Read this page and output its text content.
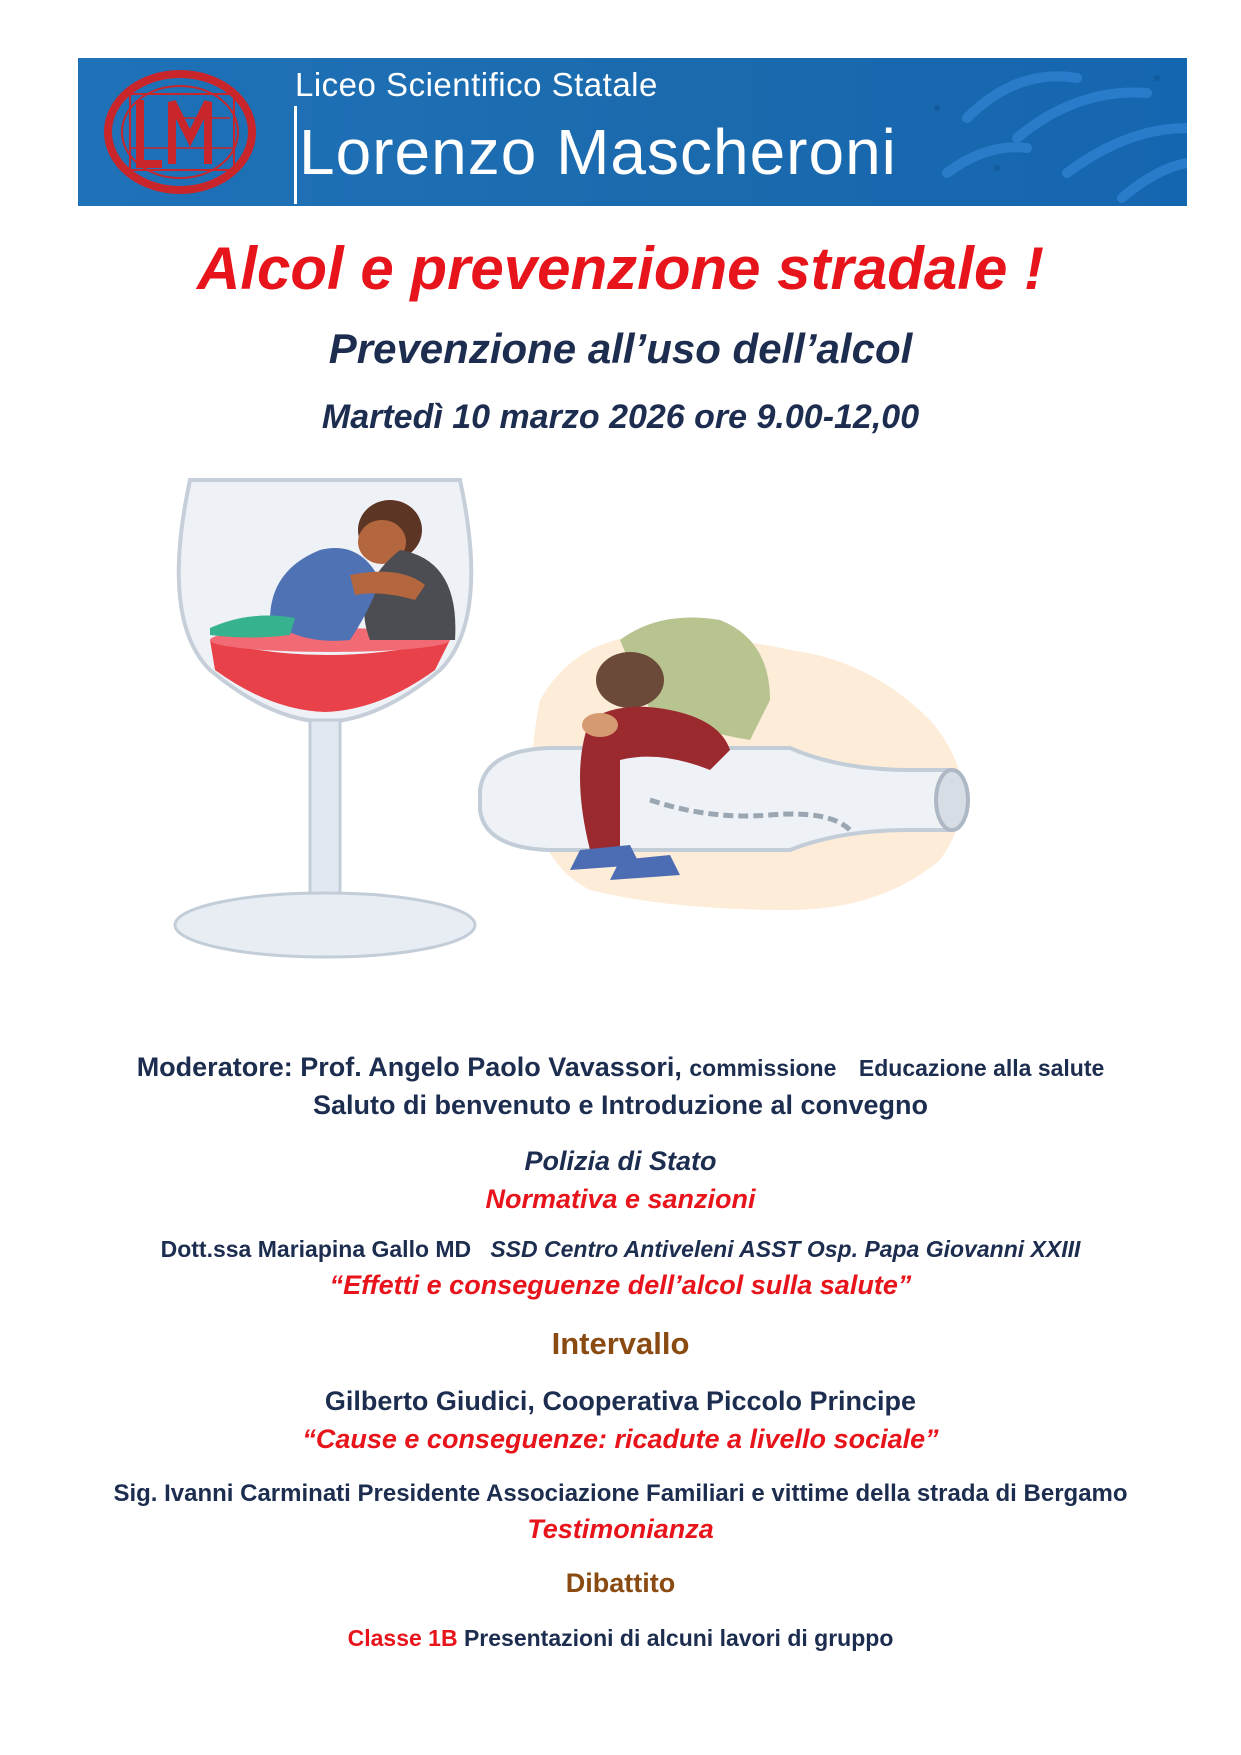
Liceo Scientifico Statale
Lorenzo Mascheroni
Alcol e prevenzione stradale !
Prevenzione all’uso dell’alcol
Martedì 10 marzo 2026 ore 9.00-12,00
Moderatore: Prof. Angelo Paolo Vavassori, commissione Educazione alla salute
Saluto di benvenuto e Introduzione al convegno
Polizia di Stato
Normativa e sanzioni
Dott.ssa Mariapina Gallo MD SSD Centro Antiveleni ASST Osp. Papa Giovanni XXIII
“Effetti e conseguenze dell’alcol sulla salute”
Intervallo
Gilberto Giudici, Cooperativa Piccolo Principe
“Cause e conseguenze: ricadute a livello sociale”
Sig. Ivanni Carminati Presidente Associazione Familiari e vittime della strada di Bergamo
Testimonianza
Dibattito
Classe 1B Presentazioni di alcuni lavori di gruppo
